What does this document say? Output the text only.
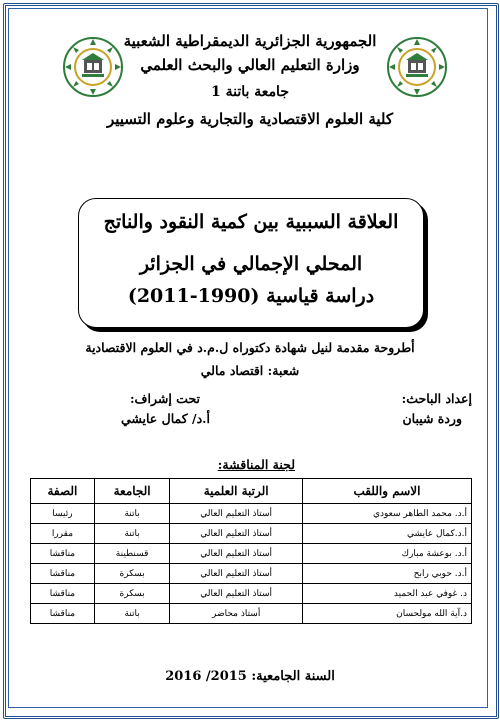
الجمهورية الجزائرية الديمقراطية الشعبية
وزارة التعليم العالي والبحث العلمي
جامعة باتنة 1
كلية العلوم الاقتصادية والتجارية وعلوم التسيير
العلاقة السببية بين كمية النقود والناتج
المحلي الإجمالي في الجزائر
دراسة قياسية (1990-2011)
أطروحة مقدمة لنيل شهادة دكتوراه ل.م.د في العلوم الاقتصادية
شعبة: اقتصاد مالي
إعداد الباحث:
وردة شيبان
تحت إشراف:
أ.د/ كمال عايشي
لجنة المناقشة:
الاسم واللقب	الرتبة العلمية	الجامعة	الصفة
أ.د. محمد الطاهر سعودي	أستاذ التعليم العالي	باتنة	رئيسا
أ.د.كمال عايشي	أستاذ التعليم العالي	باتنة	مقررا
أ.د. بوعشة مبارك	أستاذ التعليم العالي	قسنطينة	مناقشا
أ.د. حوبي رابح	أستاذ التعليم العالي	بسكرة	مناقشا
د. غوفي عبد الحميد	أستاذ التعليم العالي	بسكرة	مناقشا
د.آية الله مولحسان	أستاذ محاضر	باتنة	مناقشا
السنة الجامعية: 2015/ 2016
